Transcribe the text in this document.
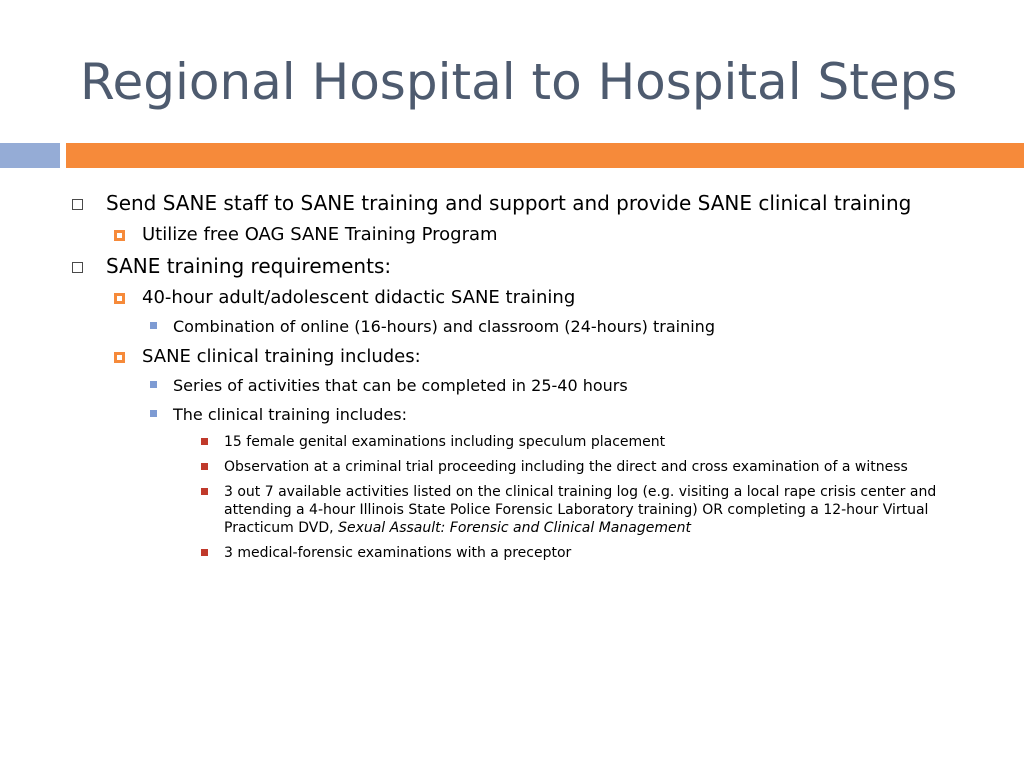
Regional Hospital to Hospital Steps
Send SANE staff to SANE training and support and provide SANE clinical training
Utilize free OAG SANE Training Program
SANE training requirements:
40-hour adult/adolescent didactic SANE training
Combination of online (16-hours) and classroom (24-hours) training
SANE clinical training includes:
Series of activities that can be completed in 25-40 hours
The clinical training includes:
15 female genital examinations including speculum placement
Observation at a criminal trial proceeding including the direct and cross examination of a witness
3 out 7 available activities listed on the clinical training log (e.g. visiting a local rape crisis center and attending a 4-hour Illinois State Police Forensic Laboratory training) OR completing a 12-hour Virtual Practicum DVD, Sexual Assault: Forensic and Clinical Management
3 medical-forensic examinations with a preceptor
